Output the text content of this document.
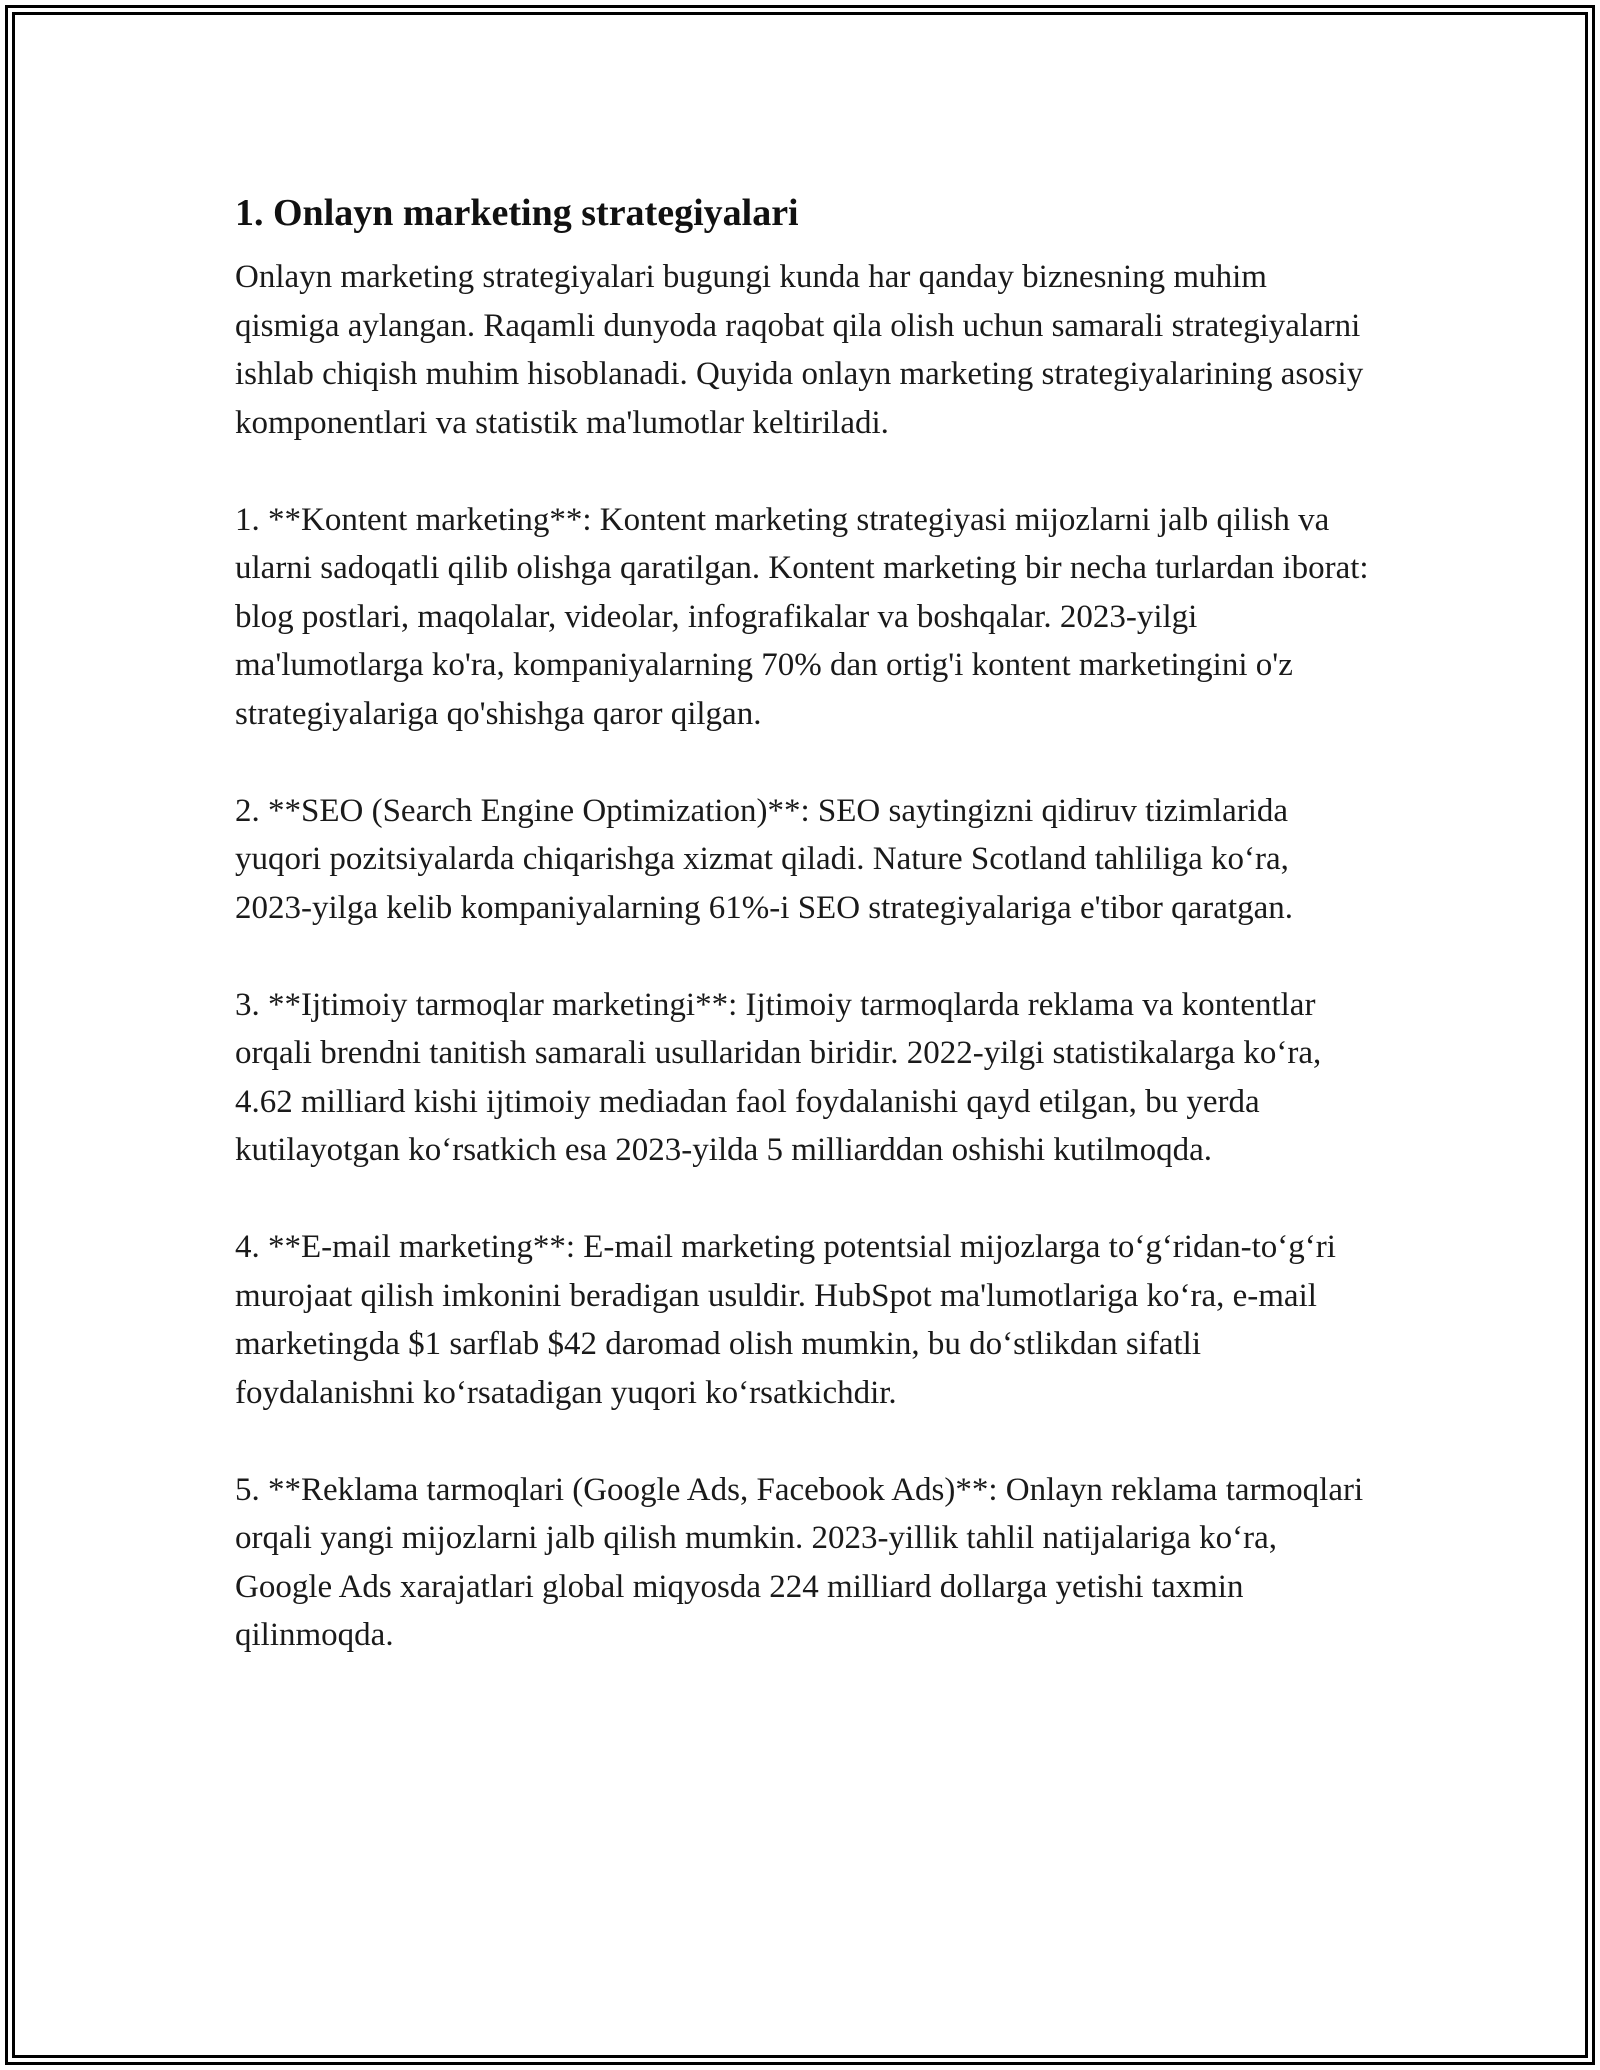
1. Onlayn marketing strategiyalari

Onlayn marketing strategiyalari bugungi kunda har qanday biznesning muhim qismiga aylangan. Raqamli dunyoda raqobat qila olish uchun samarali strategiyalarni ishlab chiqish muhim hisoblanadi. Quyida onlayn marketing strategiyalarining asosiy komponentlari va statistik ma'lumotlar keltiriladi.

1. **Kontent marketing**: Kontent marketing strategiyasi mijozlarni jalb qilish va ularni sadoqatli qilib olishga qaratilgan. Kontent marketing bir necha turlardan iborat: blog postlari, maqolalar, videolar, infografikalar va boshqalar. 2023-yilgi ma'lumotlarga ko'ra, kompaniyalarning 70% dan ortig'i kontent marketingini o'z strategiyalariga qo'shishga qaror qilgan.

2. **SEO (Search Engine Optimization)**: SEO saytingizni qidiruv tizimlarida yuqori pozitsiyalarda chiqarishga xizmat qiladi. Nature Scotland tahliliga ko‘ra, 2023-yilga kelib kompaniyalarning 61%-i SEO strategiyalariga e'tibor qaratgan.

3. **Ijtimoiy tarmoqlar marketingi**: Ijtimoiy tarmoqlarda reklama va kontentlar orqali brendni tanitish samarali usullaridan biridir. 2022-yilgi statistikalarga ko‘ra, 4.62 milliard kishi ijtimoiy mediadan faol foydalanishi qayd etilgan, bu yerda kutilayotgan ko‘rsatkich esa 2023-yilda 5 milliarddan oshishi kutilmoqda.

4. **E-mail marketing**: E-mail marketing potentsial mijozlarga to‘g‘ridan-to‘g‘ri murojaat qilish imkonini beradigan usuldir. HubSpot ma'lumotlariga ko‘ra, e-mail marketingda $1 sarflab $42 daromad olish mumkin, bu do‘stlikdan sifatli foydalanishni ko‘rsatadigan yuqori ko‘rsatkichdir.

5. **Reklama tarmoqlari (Google Ads, Facebook Ads)**: Onlayn reklama tarmoqlari orqali yangi mijozlarni jalb qilish mumkin. 2023-yillik tahlil natijalariga ko‘ra, Google Ads xarajatlari global miqyosda 224 milliard dollarga yetishi taxmin qilinmoqda.
